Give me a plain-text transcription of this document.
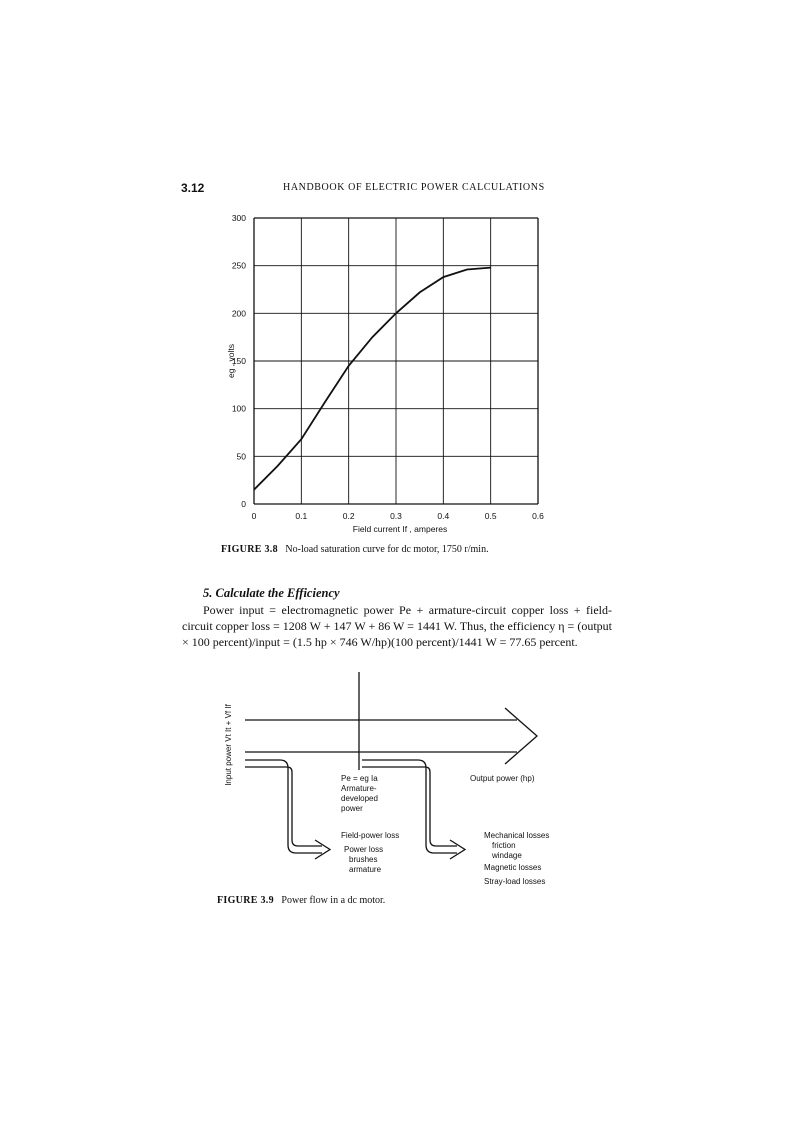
3.12	HANDBOOK OF ELECTRIC POWER CALCULATIONS
0	0.1	0.2	0.3	0.4	0.5	0.6
0
50
100
150
200
250
300
eg , volts
Field current If , amperes
FIGURE 3.8 No-load saturation curve for dc motor, 1750 r/min.
5. Calculate the Efficiency

Power input = electromagnetic power Pe + armature-circuit copper loss + field-circuit copper loss = 1208 W + 147 W + 86 W = 1441 W. Thus, the efficiency η = (output × 100 percent)/input = (1.5 hp × 746 W/hp)(100 percent)/1441 W = 77.65 percent.

Input power Vt It + Vf If	Pe = eg Ia
Armature-
developed
power
Output power (hp)
Field-power loss
Power loss
brushes
armature
Mechanical losses
friction
windage
Magnetic losses
Stray-load losses
FIGURE 3.9 Power flow in a dc motor.
